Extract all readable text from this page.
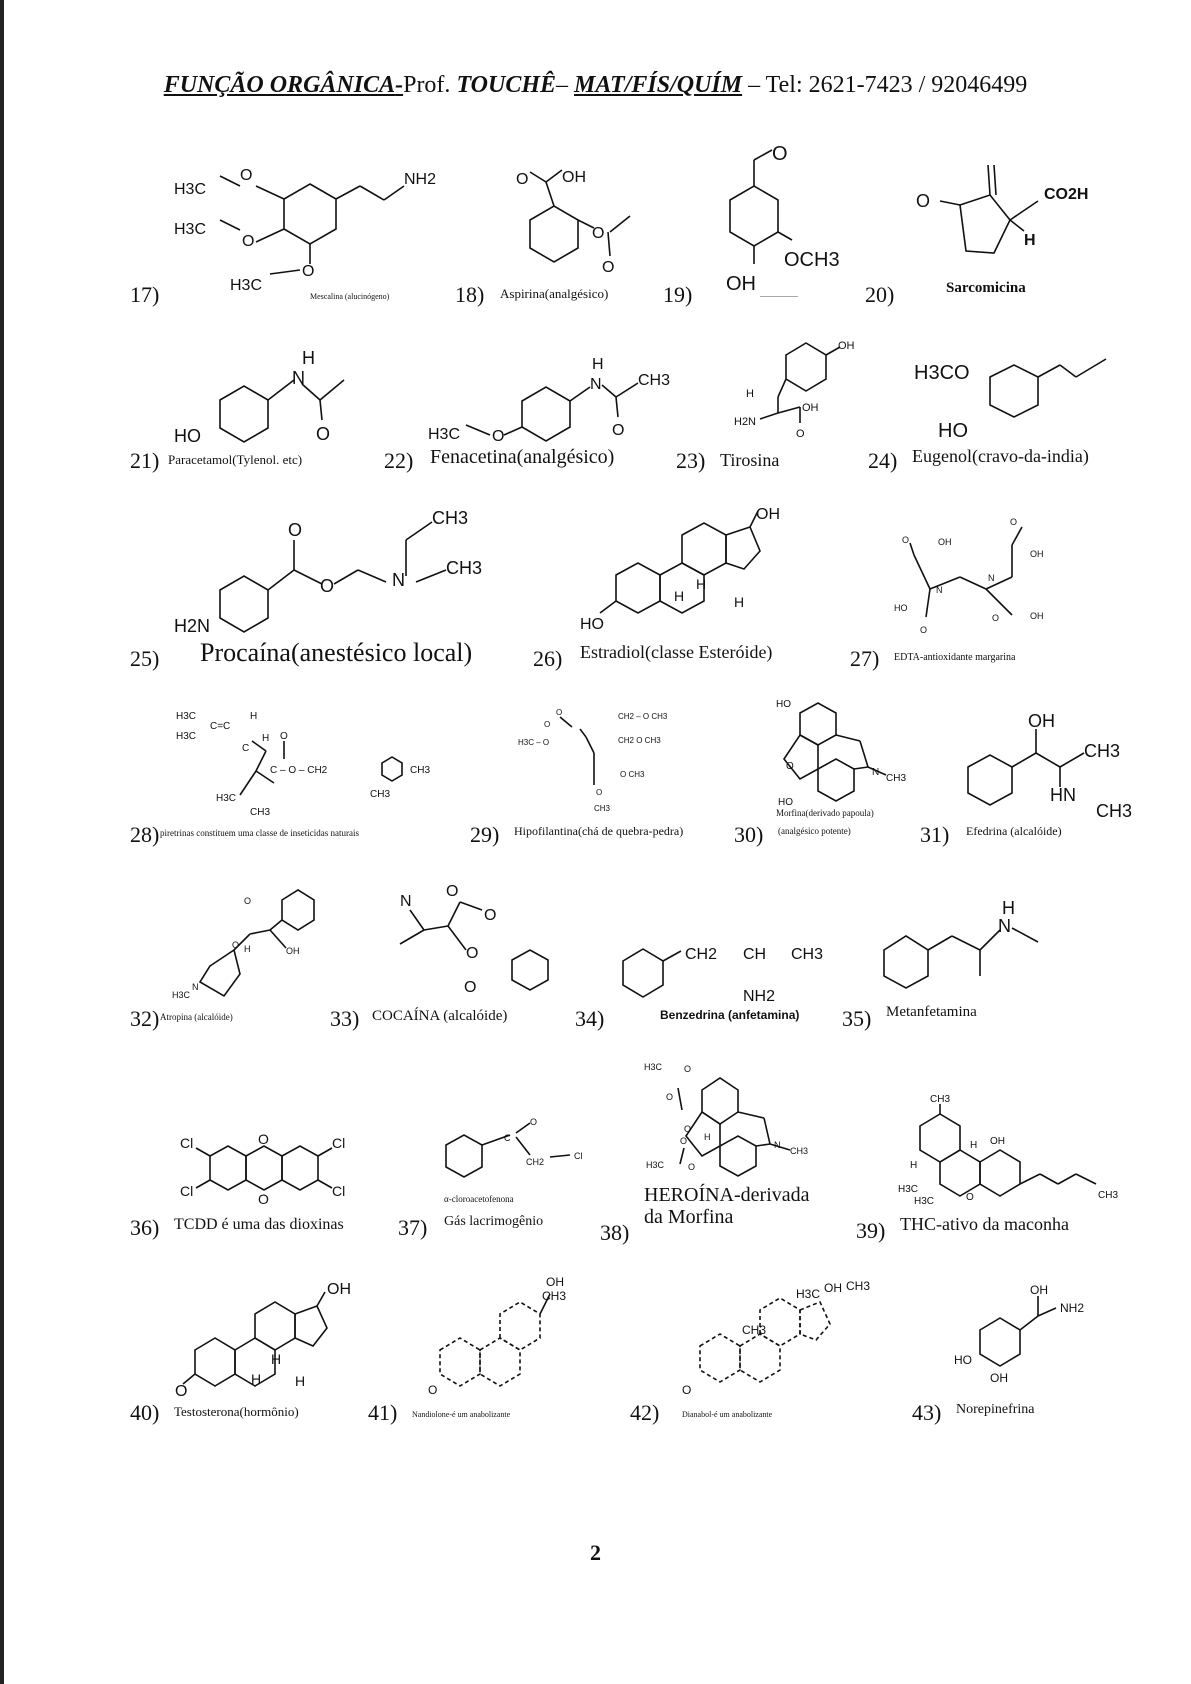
FUNÇÃO ORGÂNICA-Prof. TOUCHÊ– MAT/FÍS/QUÍM – Tel: 2621-7423 / 92046499
H3C
O
H3C
O
H3C
O
NH2
17)	Mescalina (alucinógeno)
O OH
O
O
18) Aspirina(analgésico)
O
OCH3
OH
19)	...................
O	CO2H
H
20)	Sarcomicina
H
N
HO	O
21) Paracetamol(Tylenol. etc)
H
N CH3
H3C O	O
22) Fenacetina(analgésico)
OH
H
H2N
OH
O
23) Tirosina
H3CO
HO
24) Eugenol(cravo-da-india)
O
O	N
CH3
CH3
H2N
25) Procaína(anestésico local)
OH
H
H	H
HO
26) Estradiol(classe Esteróide)
O	OH
O
OH
N
N
HO
O
O	OH
27) EDTA-antioxidante margarina
H3C	H
C=C
H3C
C
H O
C – O – CH2	CH3
H3C
CH3
CH3
28) piretrinas constituem uma classe de inseticidas naturais
O
O
CH2 – O CH3
H3C – O	CH2 O CH3
O CH3
O
CH3
29) Hipofilantina(chá de quebra-pedra)
HO
O
N
CH3
HO
Morfina(derivado papoula)
30) (analgésico potente)
OH
CH3
HN
CH3
31) Efedrina (alcalóide)
O
O H	OH
H3C
N
32) Atropina (alcalóide)
N
O
O
O
O
33) COCAÍNA (alcalóide)
CH2 CH CH3
NH2
34)	Benzedrina (anfetamina)
H
N
35) Metanfetamina
Cl	O
Cl
Cl
O	Cl
36) TCDD é uma das dioxinas
O
C
CH2
Cl
α-cloroacetofenona
37) Gás lacrimogênio
H3C O
O
O
H
N
CH3
O
H3C	O
HEROÍNA-derivada
38)
da Morfina
CH3
OH
H
H
H3C
H3C	O	CH3
39) THC-ativo da maconha
OH
H
H H
O
40) Testosterona(hormônio)
OH
CH3
O
41) Nandiolone-é um anabolizante
H3C OH CH3
CH3
O
42)	Dianabol-é um anabolizante
OH
NH2
HO
OH
43) Norepinefrina
2
